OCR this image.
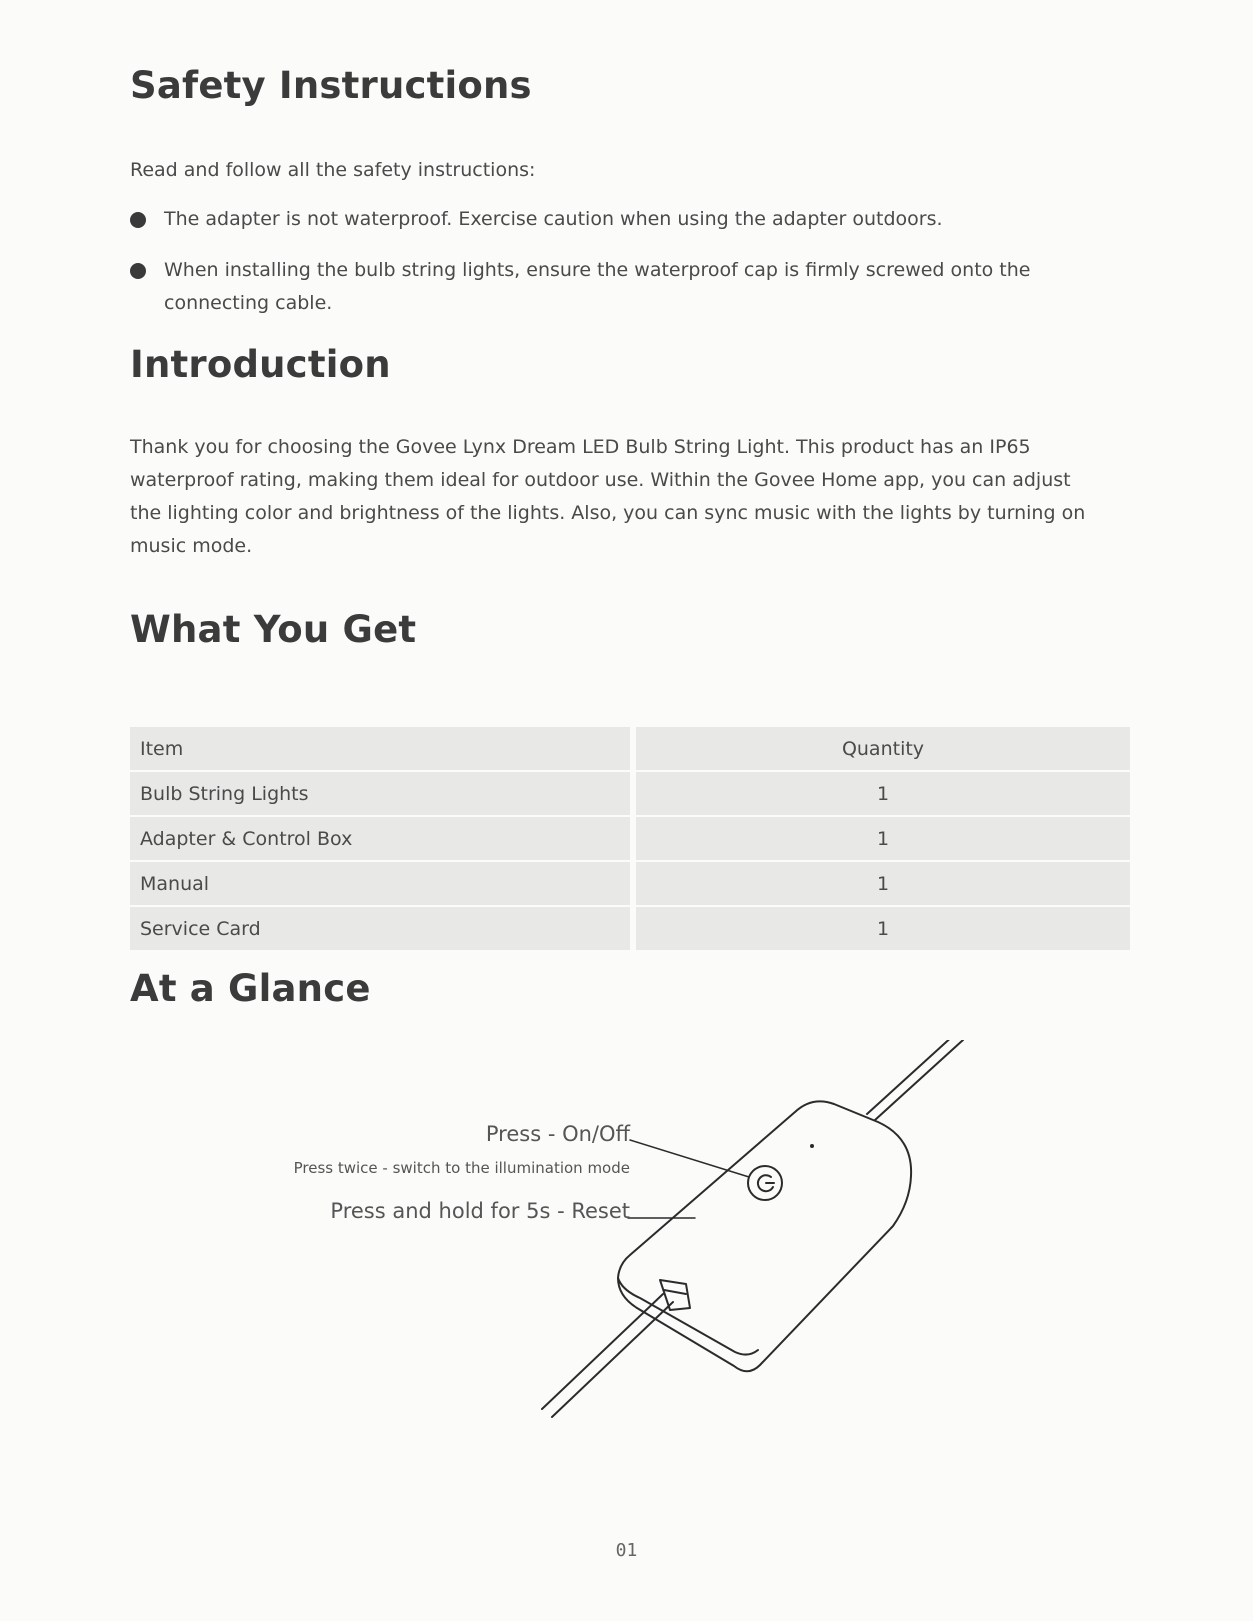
Safety Instructions

Read and follow all the safety instructions:

The adapter is not waterproof. Exercise caution when using the adapter outdoors.
When installing the bulb string lights, ensure the waterproof cap is firmly screwed onto the connecting cable.
Introduction

Thank you for choosing the Govee Lynx Dream LED Bulb String Light. This product has an IP65 waterproof rating, making them ideal for outdoor use. Within the Govee Home app, you can adjust the lighting color and brightness of the lights. Also, you can sync music with the lights by turning on music mode.

What You Get
Item	Quantity
Bulb String Lights	1
Adapter & Control Box	1
Manual	1
Service Card	1
At a Glance
Press - On/Off
Press twice - switch to the illumination mode
Press and hold for 5s - Reset
01
